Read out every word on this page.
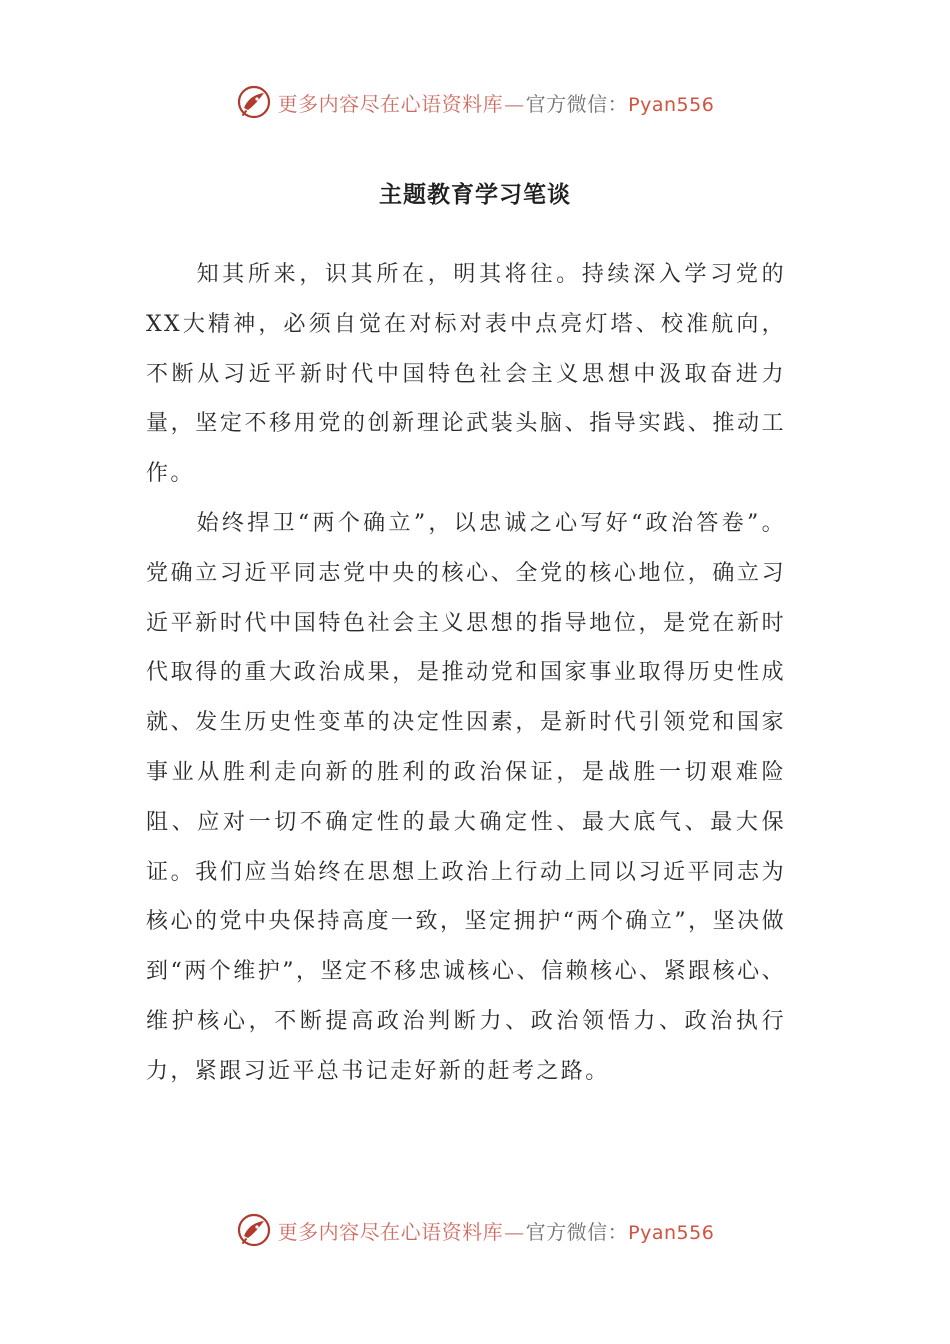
更多内容尽在心语资料库 — 官方微信： Pyan556
主题教育学习笔谈

知其所来，识其所在，明其将往。持续深入学习党的XX大精神，必须自觉在对标对表中点亮灯塔、校准航向，不断从习近平新时代中国特色社会主义思想中汲取奋进力量，坚定不移用党的创新理论武装头脑、指导实践、推动工作。

始终捍卫“两个确立”，以忠诚之心写好“政治答卷”。党确立习近平同志党中央的核心、全党的核心地位，确立习近平新时代中国特色社会主义思想的指导地位，是党在新时代取得的重大政治成果，是推动党和国家事业取得历史性成就、发生历史性变革的决定性因素，是新时代引领党和国家事业从胜利走向新的胜利的政治保证，是战胜一切艰难险阻、应对一切不确定性的最大确定性、最大底气、最大保证。我们应当始终在思想上政治上行动上同以习近平同志为核心的党中央保持高度一致，坚定拥护“两个确立”，坚决做到“两个维护”，坚定不移忠诚核心、信赖核心、紧跟核心、维护核心，不断提高政治判断力、政治领悟力、政治执行力，紧跟习近平总书记走好新的赶考之路。

更多内容尽在心语资料库 — 官方微信： Pyan556
